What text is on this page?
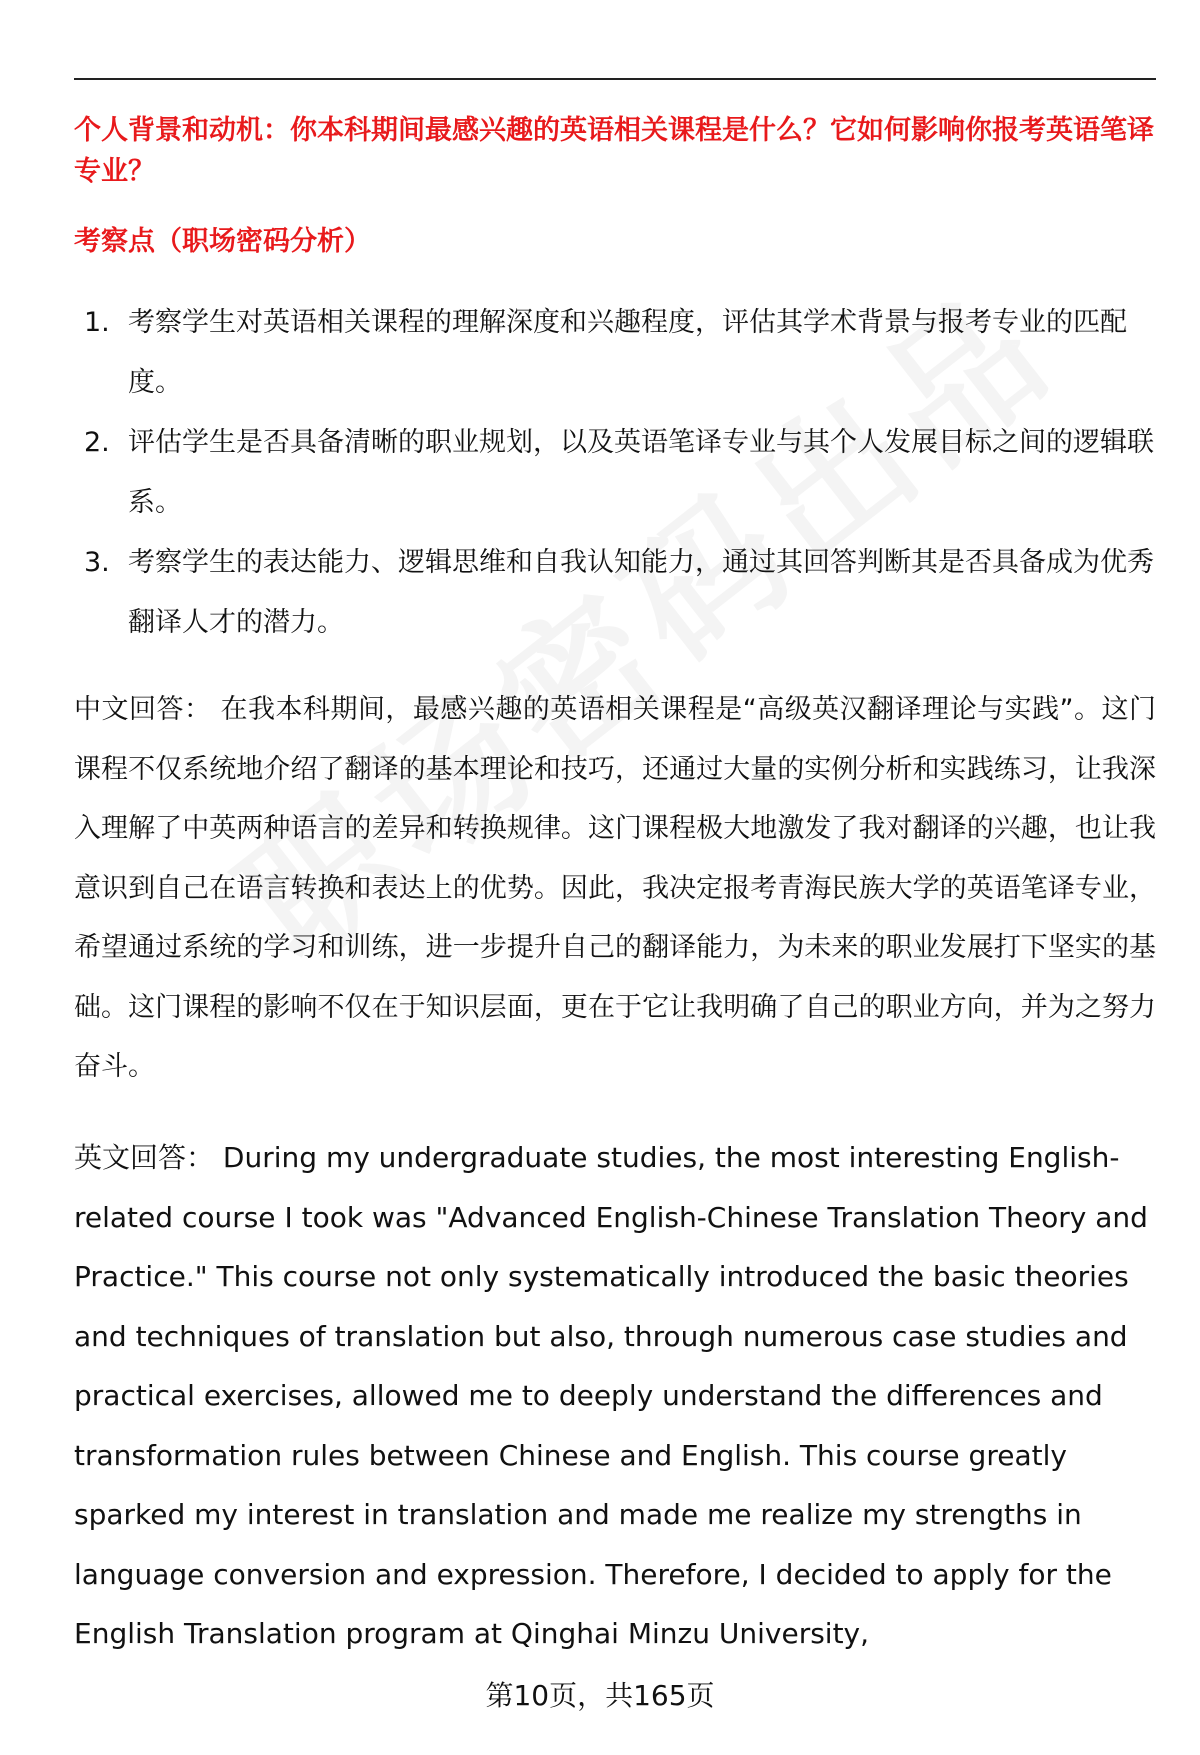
个人背景和动机：你本科期间最感兴趣的英语相关课程是什么？它如何影响你报考英语笔译专业？
考察点（职场密码分析）
1. 考察学生对英语相关课程的理解深度和兴趣程度，评估其学术背景与报考专业的匹配度。
2. 评估学生是否具备清晰的职业规划，以及英语笔译专业与其个人发展目标之间的逻辑联系。
3. 考察学生的表达能力、逻辑思维和自我认知能力，通过其回答判断其是否具备成为优秀翻译人才的潜力。

中文回答： 在我本科期间，最感兴趣的英语相关课程是“高级英汉翻译理论与实践”。这门课程不仅系统地介绍了翻译的基本理论和技巧，还通过大量的实例分析和实践练习，让我深入理解了中英两种语言的差异和转换规律。这门课程极大地激发了我对翻译的兴趣，也让我意识到自己在语言转换和表达上的优势。因此，我决定报考青海民族大学的英语笔译专业，希望通过系统的学习和训练，进一步提升自己的翻译能力，为未来的职业发展打下坚实的基础。这门课程的影响不仅在于知识层面，更在于它让我明确了自己的职业方向，并为之努力奋斗。

英文回答： During my undergraduate studies, the most interesting English-related course I took was "Advanced English-Chinese Translation Theory and Practice." This course not only systematically introduced the basic theories and techniques of translation but also, through numerous case studies and practical exercises, allowed me to deeply understand the differences and transformation rules between Chinese and English. This course greatly sparked my interest in translation and made me realize my strengths in language conversion and expression. Therefore, I decided to apply for the English Translation program at Qinghai Minzu University,

第10页，共165页
